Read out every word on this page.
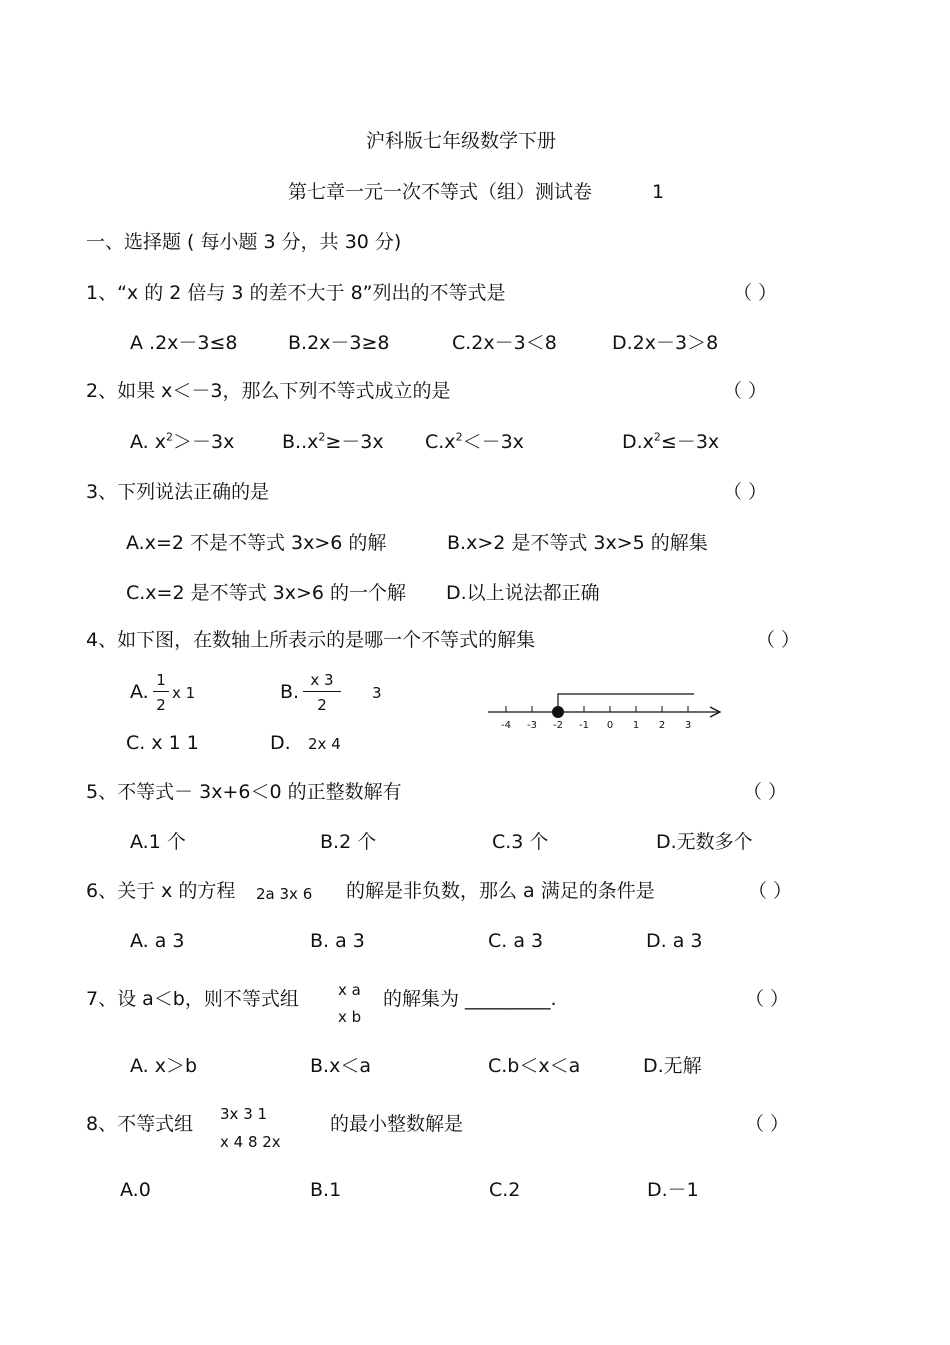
沪科版七年级数学下册
第七章一元一次不等式（组）测试卷	1
一、选择题 ( 每小题 3 分，共 30 分)
1、“x 的 2 倍与 3 的差不大于 8”列出的不等式是	（ ）
A .2x－3≤8	B.2x－3≥8	C.2x－3＜8	D.2x－3＞8
2、如果 x＜－3，那么下列不等式成立的是	（ ）
A. $x^2>-3x$	$B..x^2\ge-3x$ $C.x^2<-3x$	$D.x^2\le-3x$
3、下列说法正确的是	（ ）
A.x=2 不是不等式 3x>6 的解	B.x>2 是不等式 3x>5 的解集
C.x=2 是不等式 3x>6 的一个解 D.以上说法都正确
4、如下图，在数轴上所表示的是哪一个不等式的解集	（ ）
A.
1
2
x 1	B.
x 3
2
3
C. x 1 1	D. 2x 4
-4 -3 -2 -1 0 1 2 3
5、不等式－ 3x+6＜0 的正整数解有	（ ）
A.1 个	B.2 个	C.3 个	D.无数多个
6、关于 x 的方程 2a 3x 6 的解是非负数，那么 a 满足的条件是	（ ）
A. a 3	B. a 3	C. a 3	D. a 3
7、设 a＜b，则不等式组	x a
x b
的解集为 _________.	（ ）
A. x＞b	B.x＜a	C.b＜x＜a	D.无解
8、不等式组 3x 3 1
x 4 8 2x
的最小整数解是	（ ）
A.0	B.1	C.2	D.－1
